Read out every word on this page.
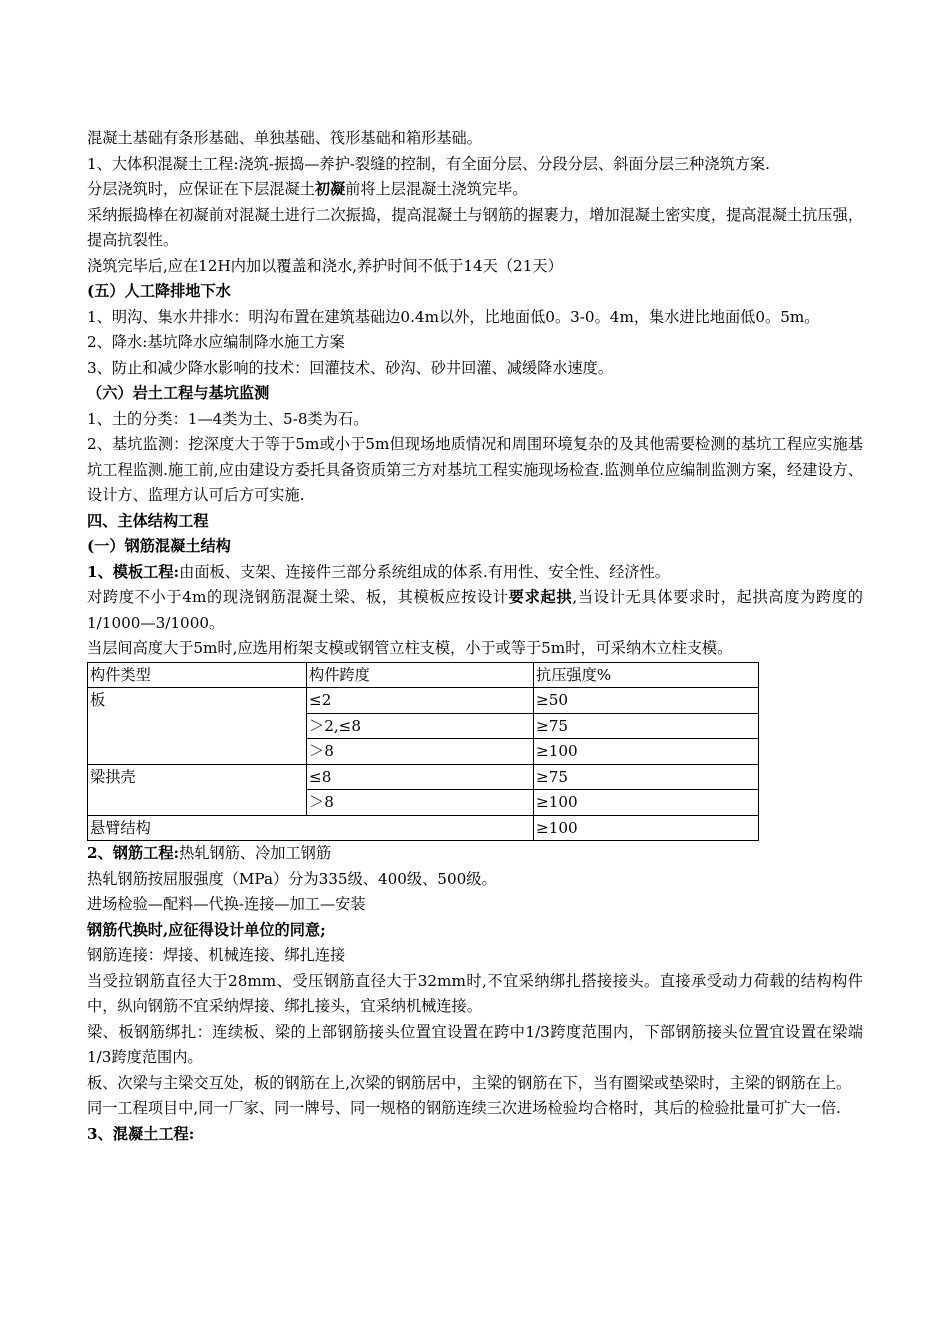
混凝土基础有条形基础、单独基础、筏形基础和箱形基础。

1、大体积混凝土工程:浇筑-振捣—养护-裂缝的控制，有全面分层、分段分层、斜面分层三种浇筑方案.

分层浇筑时，应保证在下层混凝土初凝前将上层混凝土浇筑完毕。

采纳振捣棒在初凝前对混凝土进行二次振捣，提高混凝土与钢筋的握裹力，增加混凝土密实度，提高混凝土抗压强，提高抗裂性。

浇筑完毕后,应在12H内加以覆盖和浇水,养护时间不低于14天（21天）

(五）人工降排地下水

1、明沟、集水井排水：明沟布置在建筑基础边0.4m以外，比地面低0。3-0。4m，集水进比地面低0。5m。

2、降水:基坑降水应编制降水施工方案

3、防止和减少降水影响的技术：回灌技术、砂沟、砂井回灌、减缓降水速度。

（六）岩土工程与基坑监测

1、土的分类：1—4类为土、5-8类为石。

2、基坑监测：挖深度大于等于5m或小于5m但现场地质情况和周围环境复杂的及其他需要检测的基坑工程应实施基坑工程监测.施工前,应由建设方委托具备资质第三方对基坑工程实施现场检查.监测单位应编制监测方案，经建设方、设计方、监理方认可后方可实施.

四、主体结构工程

(一）钢筋混凝土结构

1、模板工程:由面板、支架、连接件三部分系统组成的体系.有用性、安全性、经济性。

对跨度不小于4m的现浇钢筋混凝土梁、板，其模板应按设计要求起拱,当设计无具体要求时，起拱高度为跨度的1/1000—3/1000。

当层间高度大于5m时,应选用桁架支模或钢管立柱支模，小于或等于5m时，可采纳木立柱支模。

构件类型	构件跨度	抗压强度%
板	≤2	≥50
	＞2,≤8	≥75
	＞8	≥100
梁拱壳	≤8	≥75
	＞8	≥100
悬臂结构		≥100

2、钢筋工程:热轧钢筋、冷加工钢筋

热轧钢筋按屈服强度（MPa）分为335级、400级、500级。

进场检验—配料—代换-连接—加工—安装

钢筋代换时,应征得设计单位的同意;

钢筋连接：焊接、机械连接、绑扎连接

当受拉钢筋直径大于28mm、受压钢筋直径大于32mm时,不宜采纳绑扎搭接接头。直接承受动力荷载的结构构件中，纵向钢筋不宜采纳焊接、绑扎接头，宜采纳机械连接。

梁、板钢筋绑扎：连续板、梁的上部钢筋接头位置宜设置在跨中1/3跨度范围内，下部钢筋接头位置宜设置在梁端1/3跨度范围内。

板、次梁与主梁交互处，板的钢筋在上,次梁的钢筋居中，主梁的钢筋在下，当有圈梁或垫梁时，主梁的钢筋在上。

同一工程项目中,同一厂家、同一牌号、同一规格的钢筋连续三次进场检验均合格时，其后的检验批量可扩大一倍.

3、混凝土工程:
